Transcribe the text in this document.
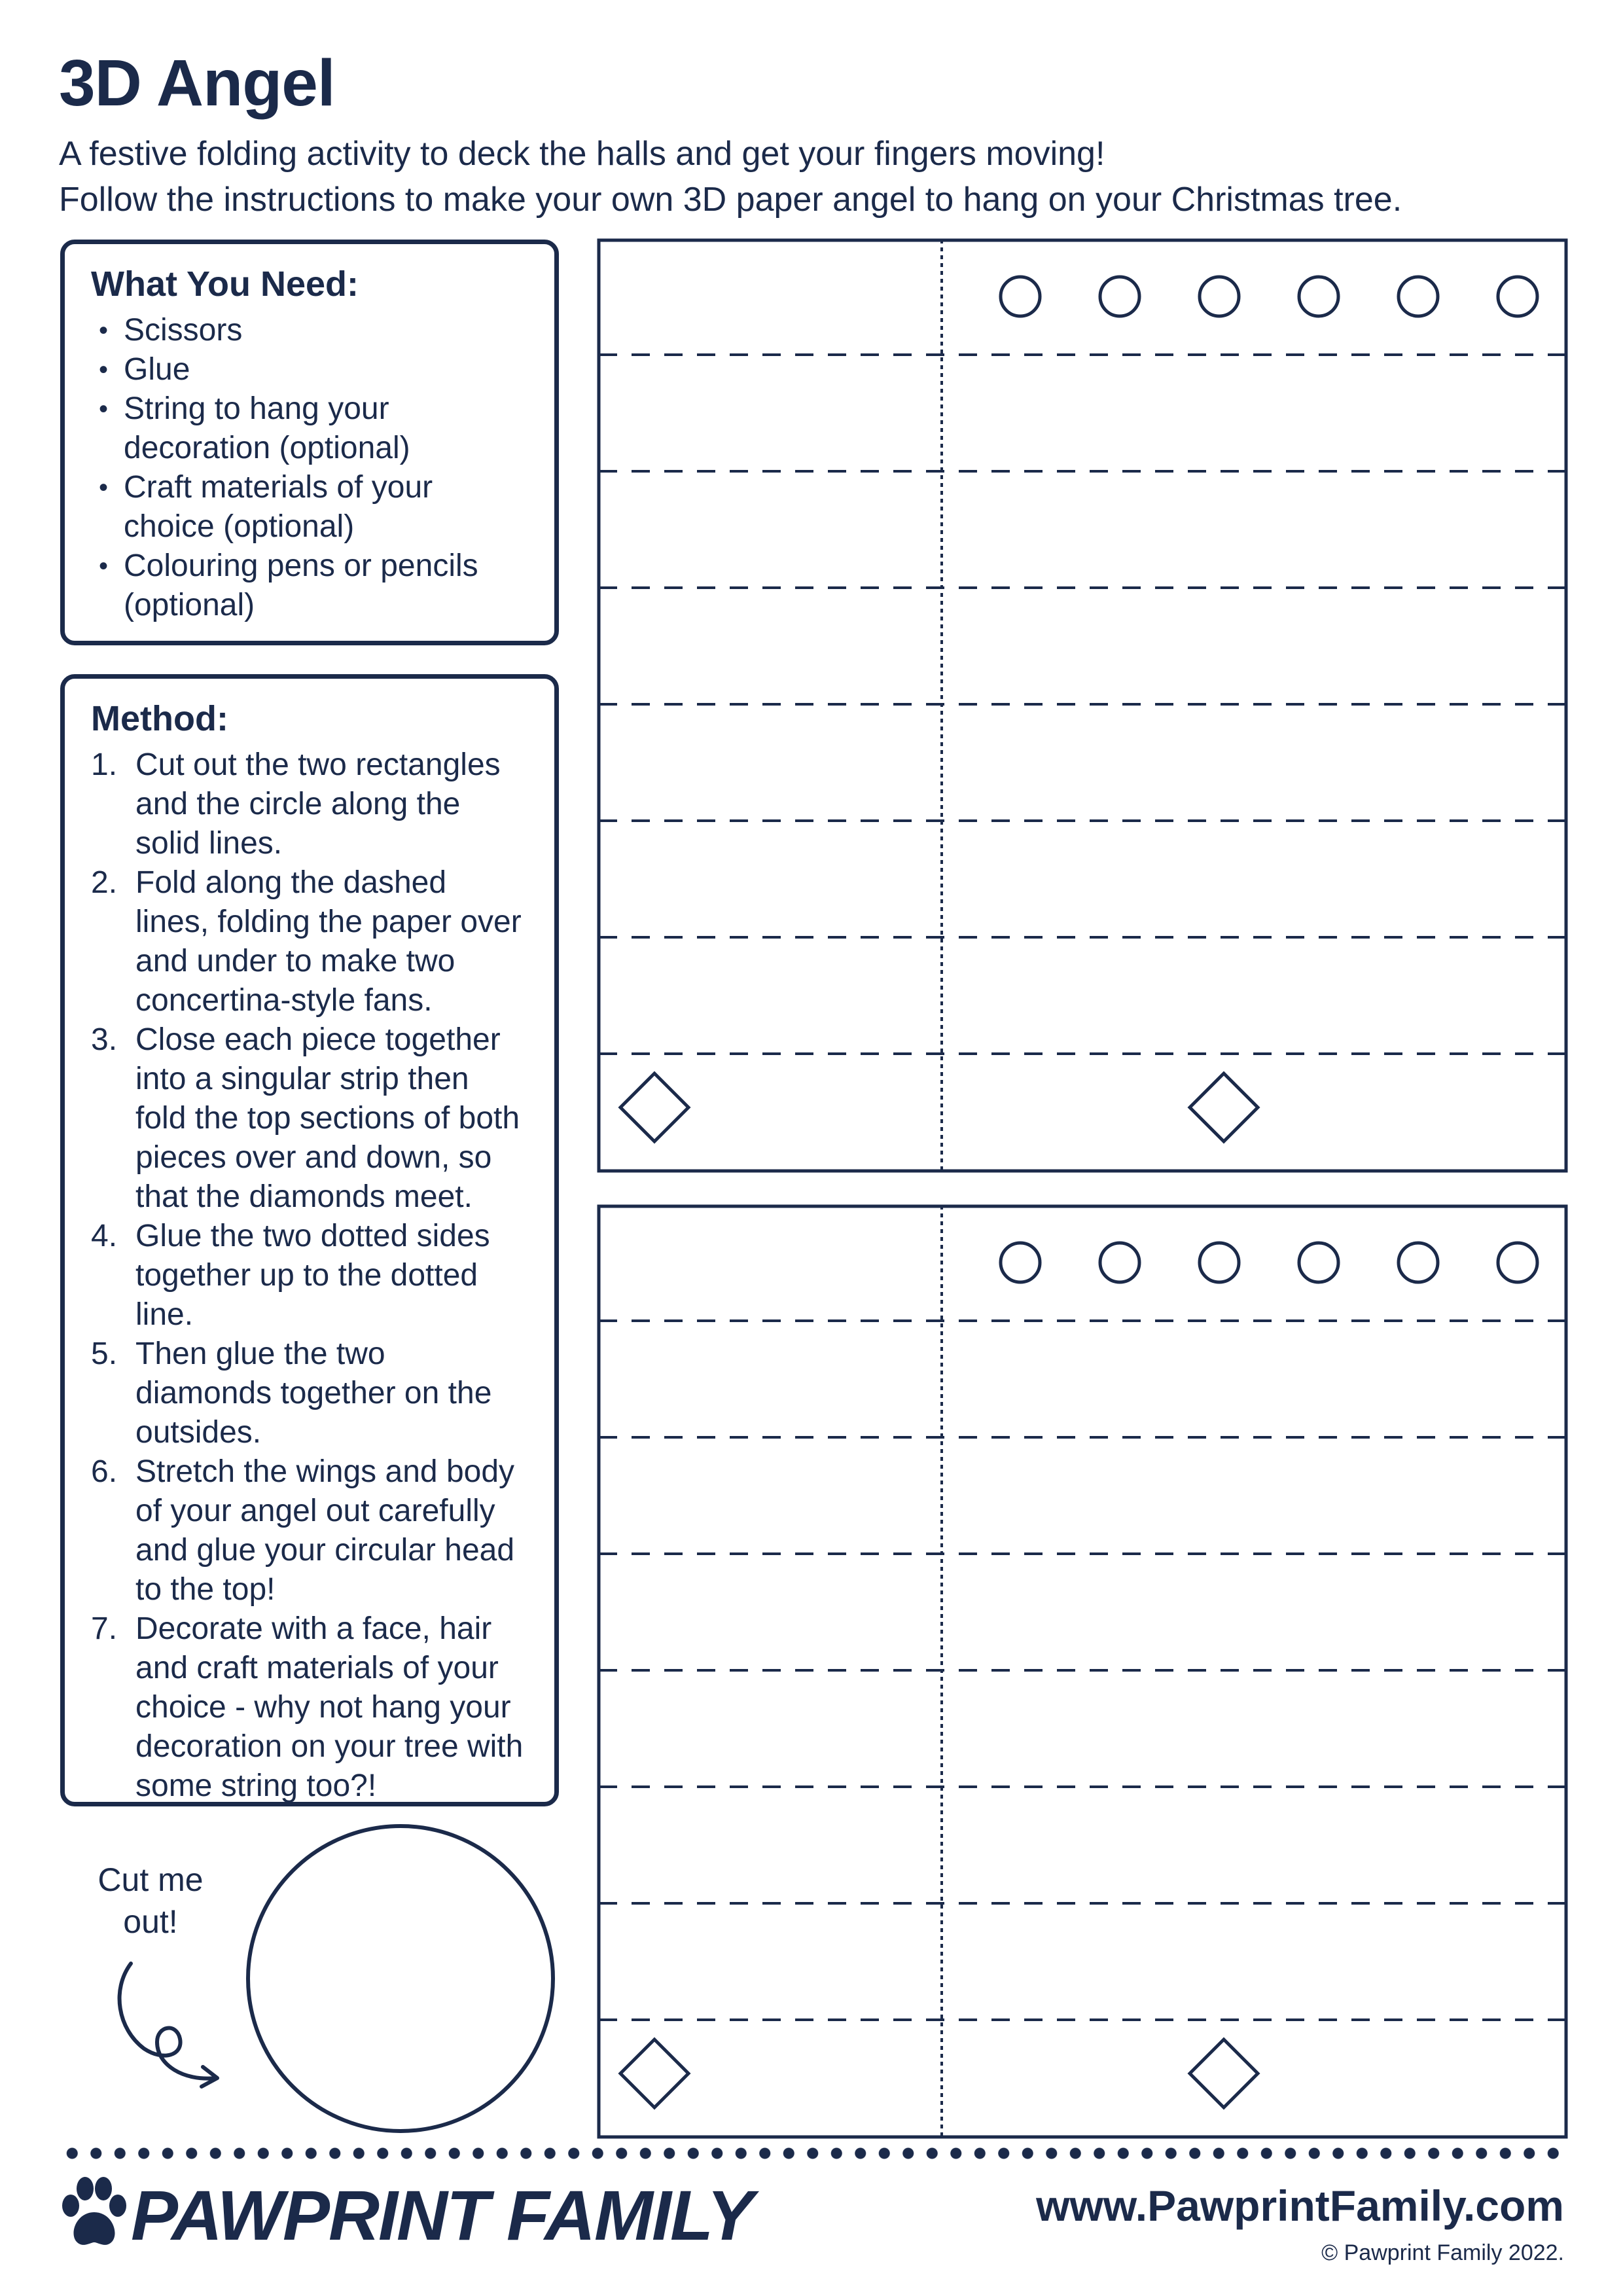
3D Angel
A festive folding activity to deck the halls and get your fingers moving!
Follow the instructions to make your own 3D paper angel to hang on your Christmas tree.
What You Need:
• Scissors
• Glue
• String to hang your decoration (optional)
• Craft materials of your choice (optional)
• Colouring pens or pencils (optional)
Method:
1. Cut out the two rectangles and the circle along the solid lines.
2. Fold along the dashed lines, folding the paper over and under to make two concertina-style fans.
3. Close each piece together into a singular strip then fold the top sections of both pieces over and down, so that the diamonds meet.
4. Glue the two dotted sides together up to the dotted line.
5. Then glue the two diamonds together on the outsides.
6. Stretch the wings and body of your angel out carefully and glue your circular head to the top!
7. Decorate with a face, hair and craft materials of your choice - why not hang your decoration on your tree with some string too?!
Cut me
out!

PAWPRINT FAMILY	www.PawprintFamily.com

© Pawprint Family 2022.
